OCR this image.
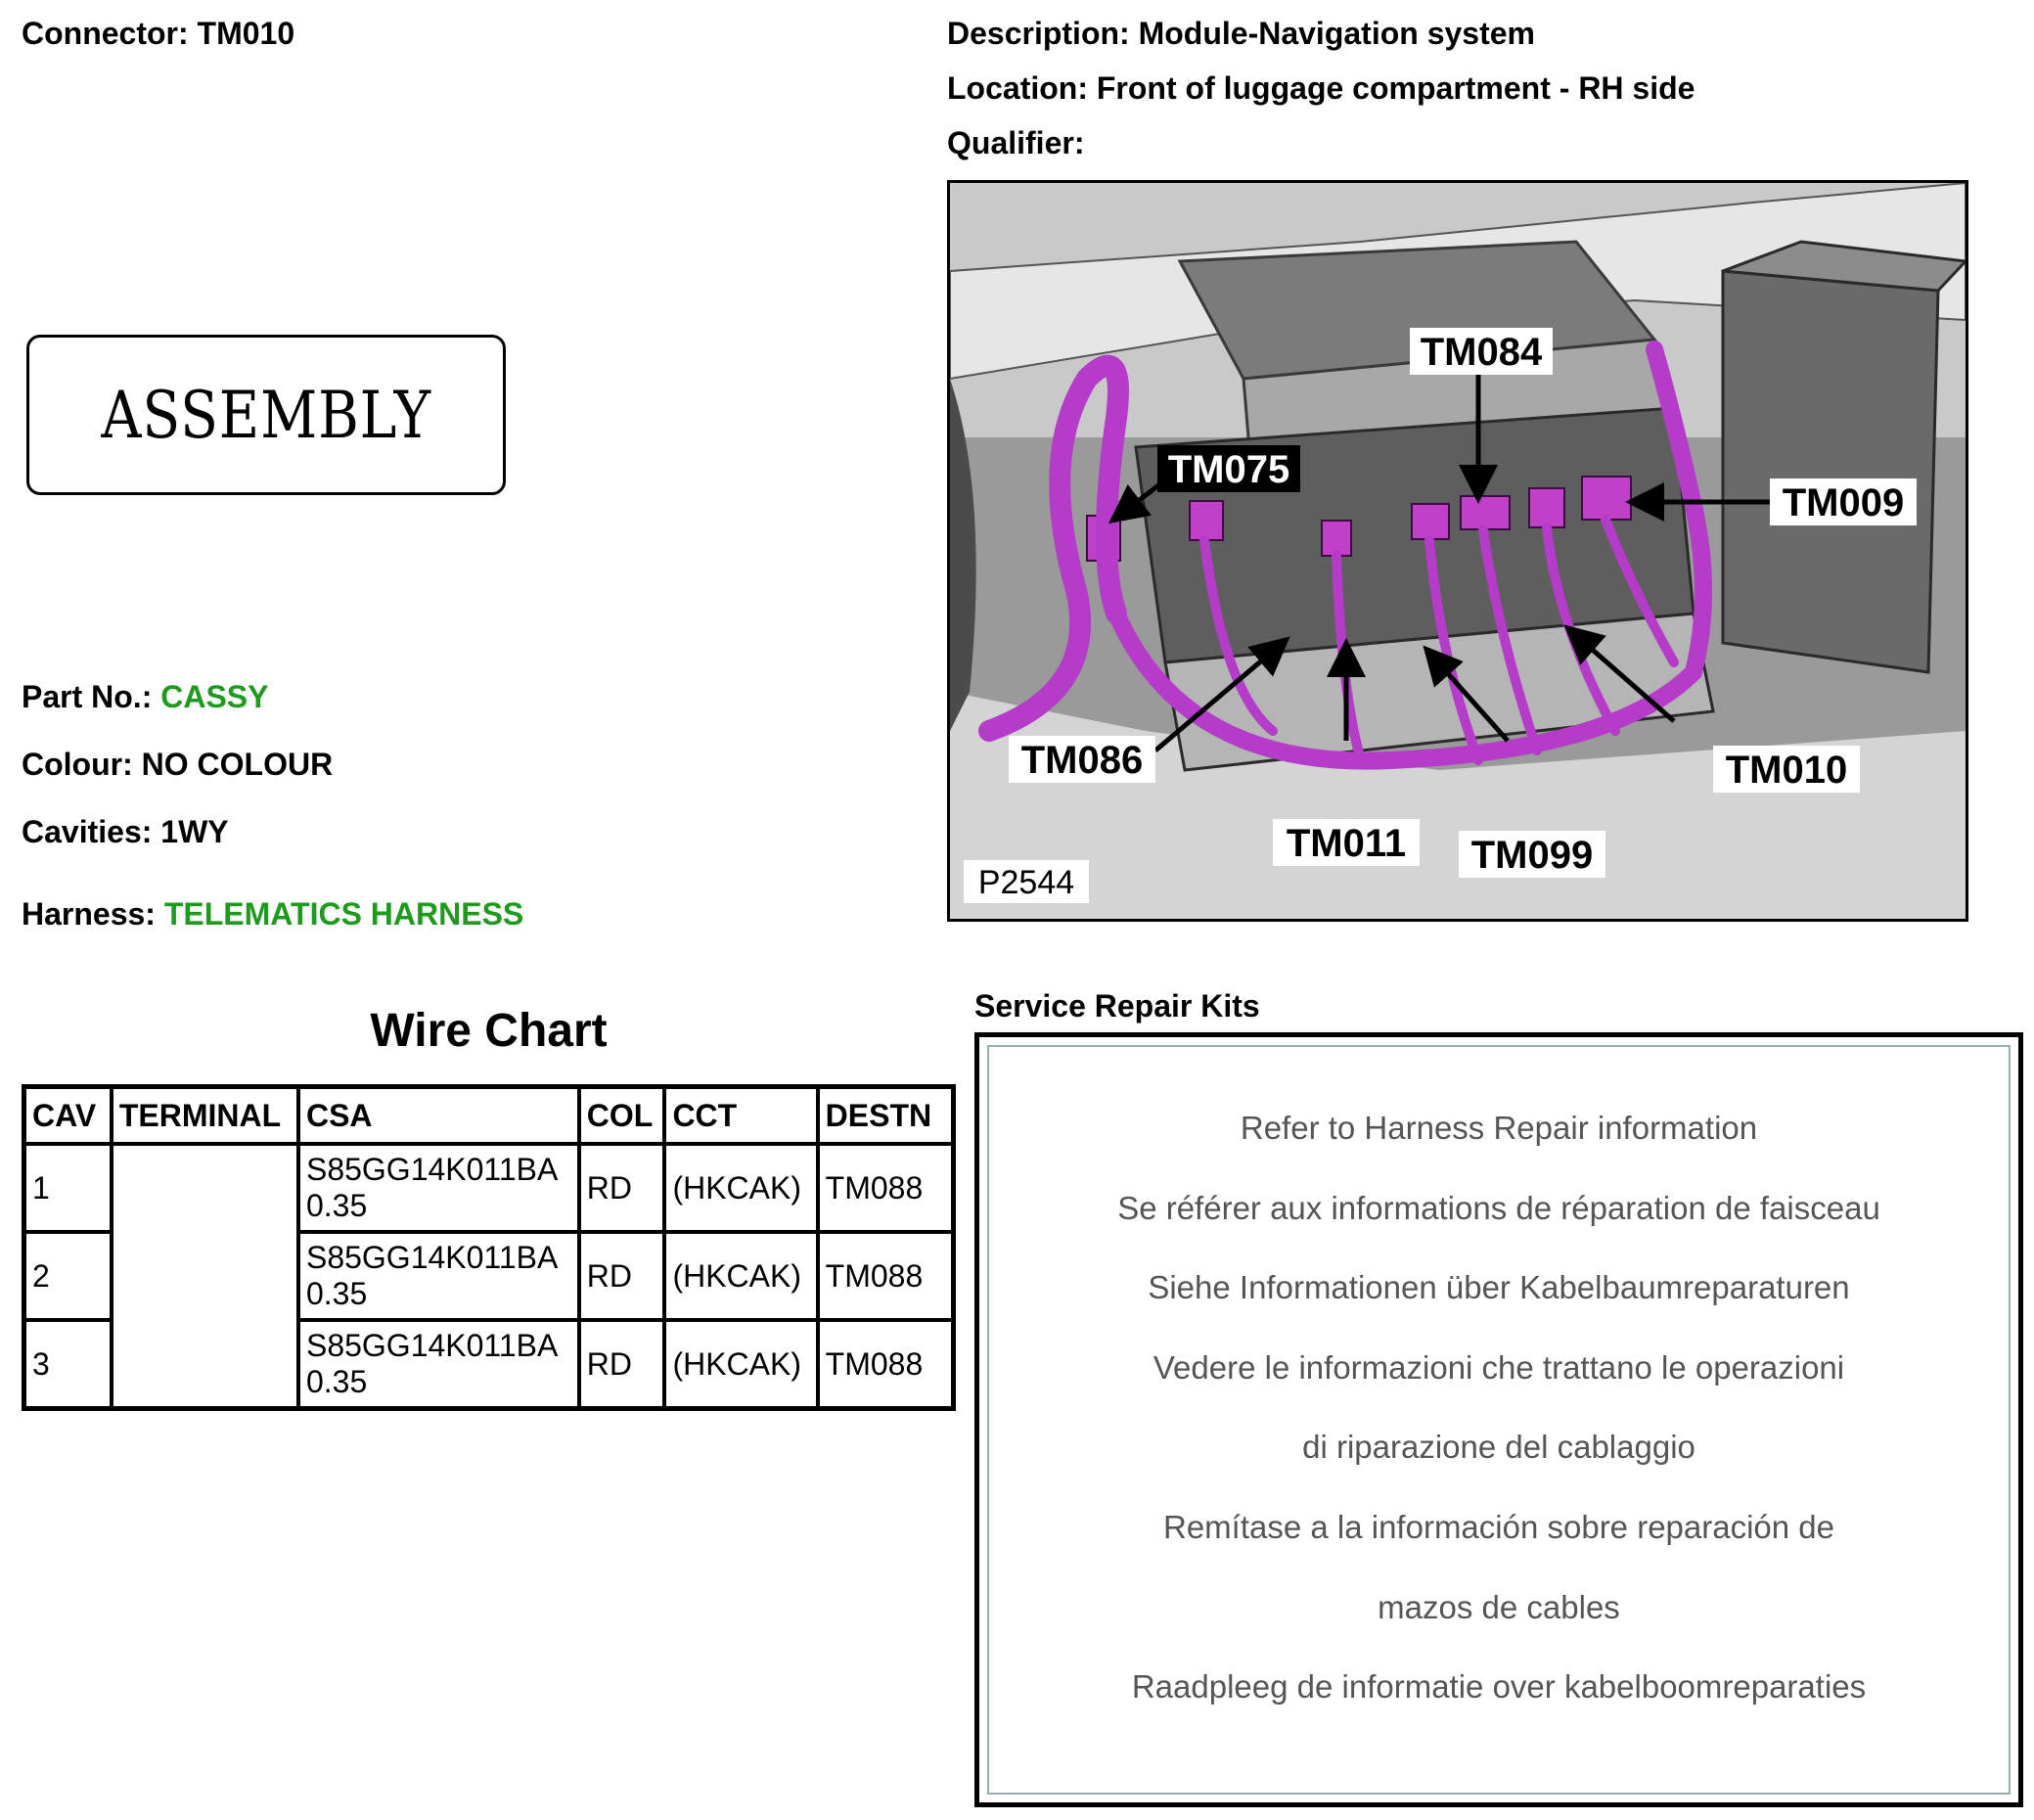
Connector: TM010	Description: Module-Navigation system
Location: Front of luggage compartment - RH side
Qualifier:
ASSEMBLY
Part No.: CASSY
Colour: NO COLOUR
Cavities: 1WY
Harness: TELEMATICS HARNESS
Wire Chart
CAV	TERMINAL	CSA	COL	CCT	DESTN
1		S85GG14K011BA
0.35	RD	(HKCAK)	TM088
2		S85GG14K011BA
0.35	RD	(HKCAK)	TM088
3		S85GG14K011BA
0.35	RD	(HKCAK)	TM088
TM084
TM075
TM009
TM086
TM011 TM099
TM010
P2544
Service Repair Kits
Refer to Harness Repair information
Se référer aux informations de réparation de faisceau
Siehe Informationen über Kabelbaumreparaturen
Vedere le informazioni che trattano le operazioni
di riparazione del cablaggio
Remítase a la información sobre reparación de
mazos de cables
Raadpleeg de informatie over kabelboomreparaties
